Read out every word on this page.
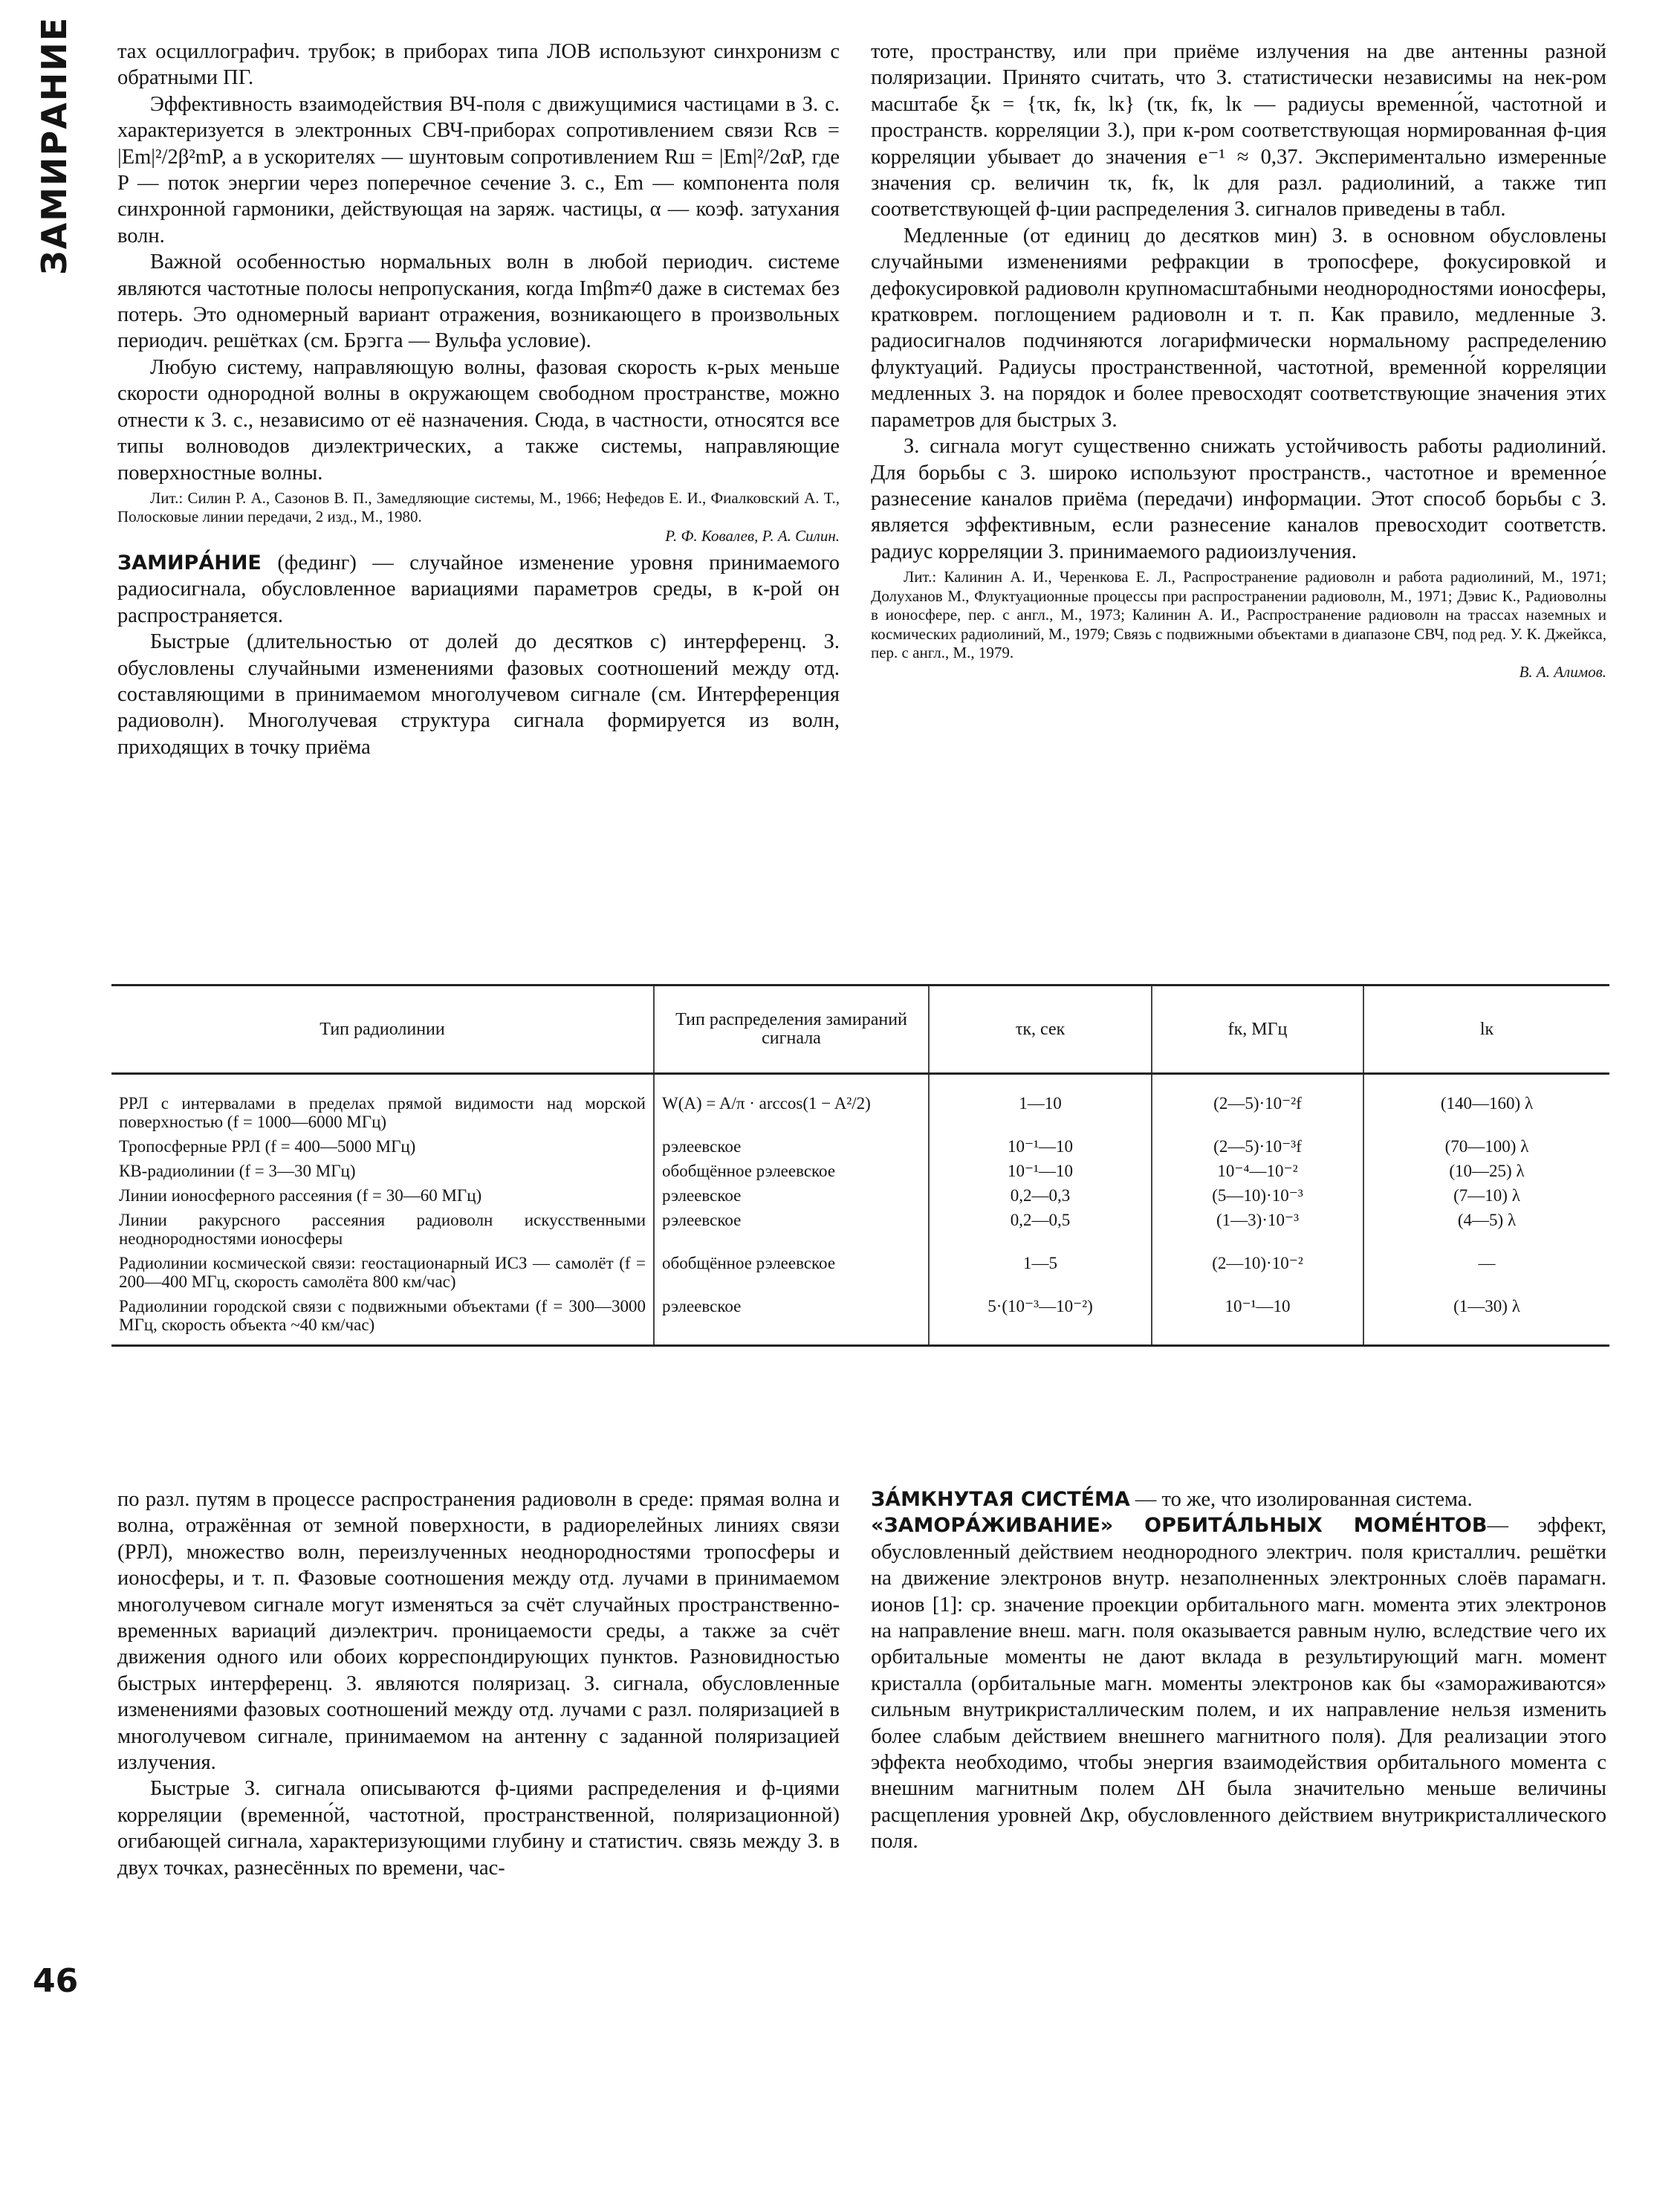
ЗАМИРАНИЕ
46

тах осциллографич. трубок; в приборах типа ЛОВ используют синхронизм с обратными ПГ.

Эффективность взаимодействия ВЧ-поля с движущимися частицами в З. с. характеризуется в электронных СВЧ-приборах сопротивлением связи Rсв = |Em|²/2β²mP, а в ускорителях — шунтовым сопротивлением Rш = |Em|²/2αP, где P — поток энергии через поперечное сечение З. с., Em — компонента поля синхронной гармоники, действующая на заряж. частицы, α — коэф. затухания волн.

Важной особенностью нормальных волн в любой периодич. системе являются частотные полосы непропускания, когда Imβm≠0 даже в системах без потерь. Это одномерный вариант отражения, возникающего в произвольных периодич. решётках (см. Брэгга — Вульфа условие).

Любую систему, направляющую волны, фазовая скорость к-рых меньше скорости однородной волны в окружающем свободном пространстве, можно отнести к З. с., независимо от её назначения. Сюда, в частности, относятся все типы волноводов диэлектрических, а также системы, направляющие поверхностные волны.

Лит.: Силин Р. А., Сазонов В. П., Замедляющие системы, М., 1966; Нефедов Е. И., Фиалковский А. Т., Полосковые линии передачи, 2 изд., М., 1980.

Р. Ф. Ковалев, Р. А. Силин.

ЗАМИРА́НИЕ (фединг) — случайное изменение уровня принимаемого радиосигнала, обусловленное вариациями параметров среды, в к-рой он распространяется.

Быстрые (длительностью от долей до десятков с) интерференц. З. обусловлены случайными изменениями фазовых соотношений между отд. составляющими в принимаемом многолучевом сигнале (см. Интерференция радиоволн). Многолучевая структура сигнала формируется из волн, приходящих в точку приёма

тоте, пространству, или при приёме излучения на две антенны разной поляризации. Принято считать, что З. статистически независимы на нек-ром масштабе ξк = {τк, fк, lк} (τк, fк, lк — радиусы временно́й, частотной и пространств. корреляции З.), при к-ром соответствующая нормированная ф-ция корреляции убывает до значения e⁻¹ ≈ 0,37. Экспериментально измеренные значения ср. величин τк, fк, lк для разл. радиолиний, а также тип соответствующей ф-ции распределения З. сигналов приведены в табл.

Медленные (от единиц до десятков мин) З. в основном обусловлены случайными изменениями рефракции в тропосфере, фокусировкой и дефокусировкой радиоволн крупномасштабными неоднородностями ионосферы, кратковрем. поглощением радиоволн и т. п. Как правило, медленные З. радиосигналов подчиняются логарифмически нормальному распределению флуктуаций. Радиусы пространственной, частотной, временно́й корреляции медленных З. на порядок и более превосходят соответствующие значения этих параметров для быстрых З.

З. сигнала могут существенно снижать устойчивость работы радиолиний. Для борьбы с З. широко используют пространств., частотное и временно́е разнесение каналов приёма (передачи) информации. Этот способ борьбы с З. является эффективным, если разнесение каналов превосходит соответств. радиус корреляции З. принимаемого радиоизлучения.

Лит.: Калинин А. И., Черенкова Е. Л., Распространение радиоволн и работа радиолиний, М., 1971; Долуханов М., Флуктуационные процессы при распространении радиоволн, М., 1971; Дэвис К., Радиоволны в ионосфере, пер. с англ., М., 1973; Калинин А. И., Распространение радиоволн на трассах наземных и космических радиолиний, М., 1979; Связь с подвижными объектами в диапазоне СВЧ, под ред. У. К. Джейкса, пер. с англ., М., 1979.

В. А. Алимов.

Тип радиолинии	Тип распределения замираний сигнала	τк, сек	fк, МГц	lк
РРЛ с интервалами в пределах прямой видимости над морской поверхностью (f = 1000—6000 МГц)	W(A) = A/π · arccos(1 − A²/2)	1—10	(2—5)·10⁻²f	(140—160) λ
Тропосферные РРЛ (f = 400—5000 МГц)	рэлеевское	10⁻¹—10	(2—5)·10⁻³f	(70—100) λ
КВ-радиолинии (f = 3—30 МГц)	обобщённое рэлеевское	10⁻¹—10	10⁻⁴—10⁻²	(10—25) λ
Линии ионосферного рассеяния (f = 30—60 МГц)	рэлеевское	0,2—0,3	(5—10)·10⁻³	(7—10) λ
Линии ракурсного рассеяния радиоволн искусственными неоднородностями ионосферы	рэлеевское	0,2—0,5	(1—3)·10⁻³	(4—5) λ
Радиолинии космической связи: геостационарный ИСЗ — самолёт (f = 200—400 МГц, скорость самолёта 800 км/час)	обобщённое рэлеевское	1—5	(2—10)·10⁻²	—
Радиолинии городской связи с подвижными объектами (f = 300—3000 МГц, скорость объекта ~40 км/час)	рэлеевское	5·(10⁻³—10⁻²)	10⁻¹—10	(1—30) λ

по разл. путям в процессе распространения радиоволн в среде: прямая волна и волна, отражённая от земной поверхности, в радиорелейных линиях связи (РРЛ), множество волн, переизлученных неоднородностями тропосферы и ионосферы, и т. п. Фазовые соотношения между отд. лучами в принимаемом многолучевом сигнале могут изменяться за счёт случайных пространственно-временных вариаций диэлектрич. проницаемости среды, а также за счёт движения одного или обоих корреспондирующих пунктов. Разновидностью быстрых интерференц. З. являются поляризац. З. сигнала, обусловленные изменениями фазовых соотношений между отд. лучами с разл. поляризацией в многолучевом сигнале, принимаемом на антенну с заданной поляризацией излучения.

Быстрые З. сигнала описываются ф-циями распределения и ф-циями корреляции (временно́й, частотной, пространственной, поляризационной) огибающей сигнала, характеризующими глубину и статистич. связь между З. в двух точках, разнесённых по времени, час-

ЗА́МКНУТАЯ СИСТЕ́МА — то же, что изолированная система.

«ЗАМОРА́ЖИВАНИЕ» ОРБИТА́ЛЬНЫХ МОМЕ́НТОВ— эффект, обусловленный действием неоднородного электрич. поля кристаллич. решётки на движение электронов внутр. незаполненных электронных слоёв парамагн. ионов [1]: ср. значение проекции орбитального магн. момента этих электронов на направление внеш. магн. поля оказывается равным нулю, вследствие чего их орбитальные моменты не дают вклада в результирующий магн. момент кристалла (орбитальные магн. моменты электронов как бы «замораживаются» сильным внутрикристаллическим полем, и их направление нельзя изменить более слабым действием внешнего магнитного поля). Для реализации этого эффекта необходимо, чтобы энергия взаимодействия орбитального момента с внешним магнитным полем ΔH была значительно меньше величины расщепления уровней Δкр, обусловленного действием внутрикристаллического поля.
